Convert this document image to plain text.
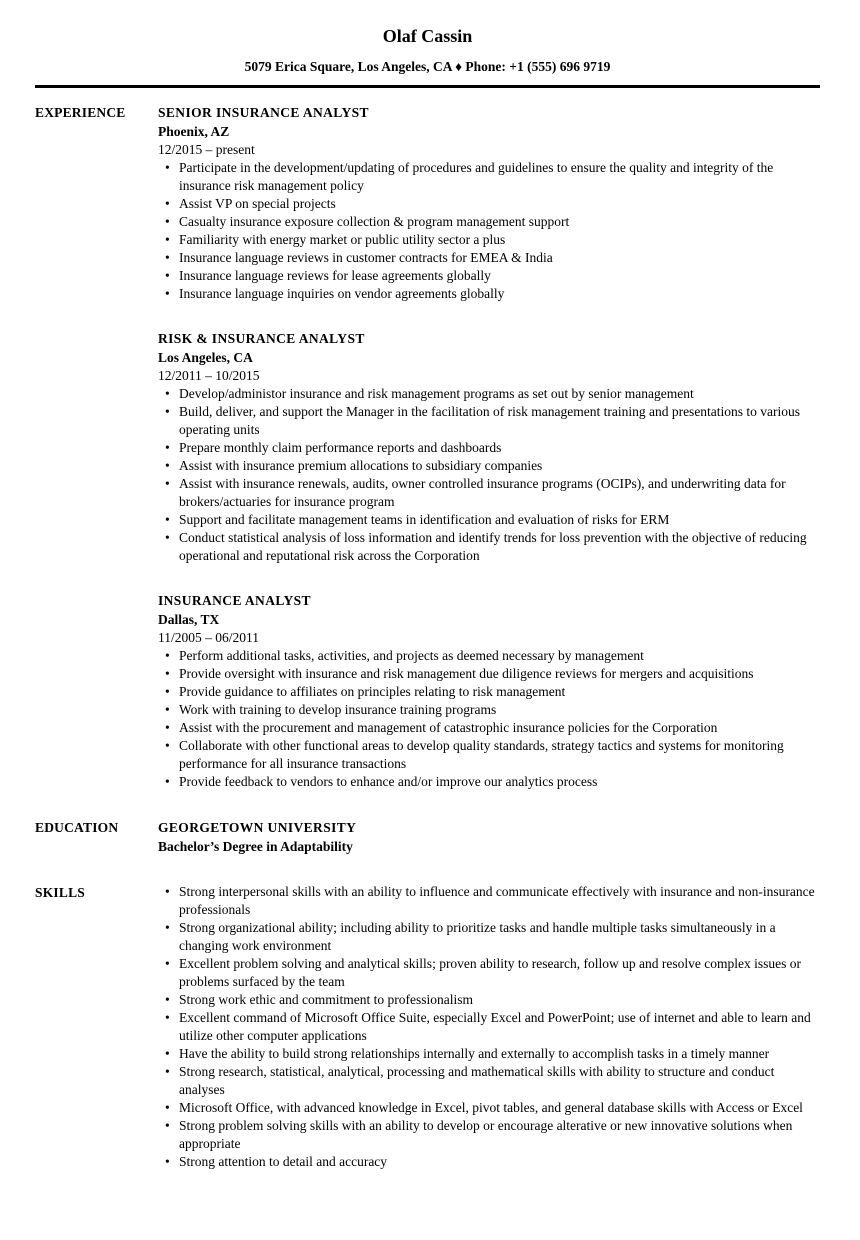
Olaf Cassin
5079 Erica Square, Los Angeles, CA ♦ Phone: +1 (555) 696 9719
EXPERIENCE	SENIOR INSURANCE ANALYST
Phoenix, AZ
12/2015 – present
• Participate in the development/updating of procedures and guidelines to ensure the quality and integrity of the insurance risk management policy
• Assist VP on special projects
• Casualty insurance exposure collection & program management support
• Familiarity with energy market or public utility sector a plus
• Insurance language reviews in customer contracts for EMEA & India
• Insurance language reviews for lease agreements globally
• Insurance language inquiries on vendor agreements globally
RISK & INSURANCE ANALYST
Los Angeles, CA
12/2011 – 10/2015
• Develop/administor insurance and risk management programs as set out by senior management
• Build, deliver, and support the Manager in the facilitation of risk management training and presentations to various operating units
• Prepare monthly claim performance reports and dashboards
• Assist with insurance premium allocations to subsidiary companies
• Assist with insurance renewals, audits, owner controlled insurance programs (OCIPs), and underwriting data for brokers/actuaries for insurance program
• Support and facilitate management teams in identification and evaluation of risks for ERM
• Conduct statistical analysis of loss information and identify trends for loss prevention with the objective of reducing operational and reputational risk across the Corporation
INSURANCE ANALYST
Dallas, TX
11/2005 – 06/2011
• Perform additional tasks, activities, and projects as deemed necessary by management
• Provide oversight with insurance and risk management due diligence reviews for mergers and acquisitions
• Provide guidance to affiliates on principles relating to risk management
• Work with training to develop insurance training programs
• Assist with the procurement and management of catastrophic insurance policies for the Corporation
• Collaborate with other functional areas to develop quality standards, strategy tactics and systems for monitoring performance for all insurance transactions
• Provide feedback to vendors to enhance and/or improve our analytics process
EDUCATION	GEORGETOWN UNIVERSITY
Bachelor’s Degree in Adaptability
SKILLS	• Strong interpersonal skills with an ability to influence and communicate effectively with insurance and non-insurance professionals
• Strong organizational ability; including ability to prioritize tasks and handle multiple tasks simultaneously in a changing work environment
• Excellent problem solving and analytical skills; proven ability to research, follow up and resolve complex issues or problems surfaced by the team
• Strong work ethic and commitment to professionalism
• Excellent command of Microsoft Office Suite, especially Excel and PowerPoint; use of internet and able to learn and utilize other computer applications
• Have the ability to build strong relationships internally and externally to accomplish tasks in a timely manner
• Strong research, statistical, analytical, processing and mathematical skills with ability to structure and conduct analyses
• Microsoft Office, with advanced knowledge in Excel, pivot tables, and general database skills with Access or Excel
• Strong problem solving skills with an ability to develop or encourage alterative or new innovative solutions when appropriate
• Strong attention to detail and accuracy
